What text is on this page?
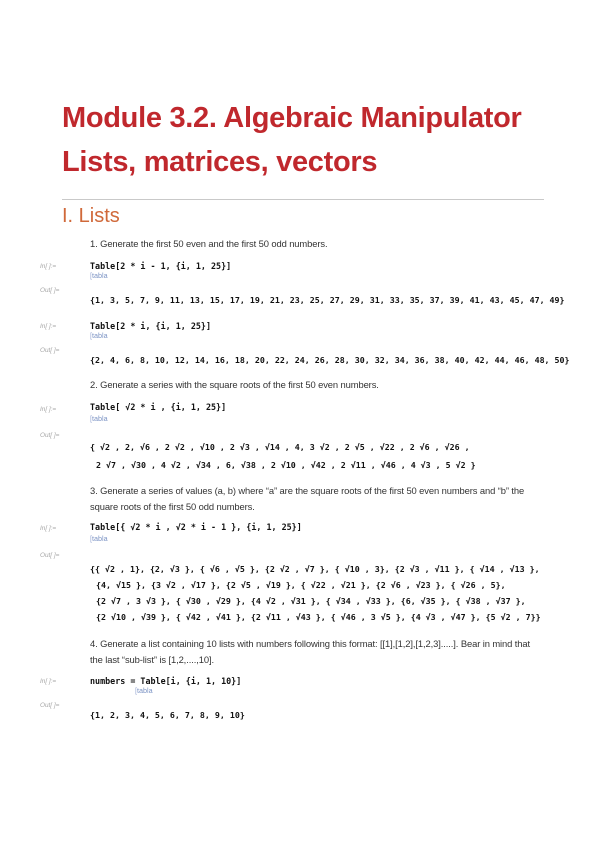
Module 3.2. Algebraic Manipulator
Lists, matrices, vectors
I. Lists
1. Generate the first 50 even and the first 50 odd numbers.
In[ ]:=	Table[2 * i - 1, {i, 1, 25}]
[tabla
Out[ ]=
{1, 3, 5, 7, 9, 11, 13, 15, 17, 19, 21, 23, 25, 27, 29, 31, 33, 35, 37, 39, 41, 43, 45, 47, 49}
In[ ]:=	Table[2 * i, {i, 1, 25}]
[tabla
Out[ ]=
{2, 4, 6, 8, 10, 12, 14, 16, 18, 20, 22, 24, 26, 28, 30, 32, 34, 36, 38, 40, 42, 44, 46, 48, 50}
2. Generate a series with the square roots of the first 50 even numbers.
In[ ]:=	Table[ √2 * i , {i, 1, 25}]
[tabla
Out[ ]=
{ √2 , 2, √6 , 2 √2 , √10 , 2 √3 , √14 , 4, 3 √2 , 2 √5 , √22 , 2 √6 , √26 ,
2 √7 , √30 , 4 √2 , √34 , 6, √38 , 2 √10 , √42 , 2 √11 , √46 , 4 √3 , 5 √2 }
3. Generate a series of values (a, b) where “a” are the square roots of the first 50 even numbers and “b” the square roots of the first 50 odd numbers.
In[ ]:=	Table[{ √2 * i , √2 * i - 1 }, {i, 1, 25}]
[tabla
Out[ ]=
{{ √2 , 1}, {2, √3 }, { √6 , √5 }, {2 √2 , √7 }, { √10 , 3}, {2 √3 , √11 }, { √14 , √13 },
{4, √15 }, {3 √2 , √17 }, {2 √5 , √19 }, { √22 , √21 }, {2 √6 , √23 }, { √26 , 5},
{2 √7 , 3 √3 }, { √30 , √29 }, {4 √2 , √31 }, { √34 , √33 }, {6, √35 }, { √38 , √37 },
{2 √10 , √39 }, { √42 , √41 }, {2 √11 , √43 }, { √46 , 3 √5 }, {4 √3 , √47 }, {5 √2 , 7}}
4. Generate a list containing 10 lists with numbers following this format: [[1],[1,2],[1,2,3].....]. Bear in mind that the last “sub-list” is [1,2,....,10].
In[ ]:=	numbers = Table[i, {i, 1, 10}]
[tabla
Out[ ]=
{1, 2, 3, 4, 5, 6, 7, 8, 9, 10}
